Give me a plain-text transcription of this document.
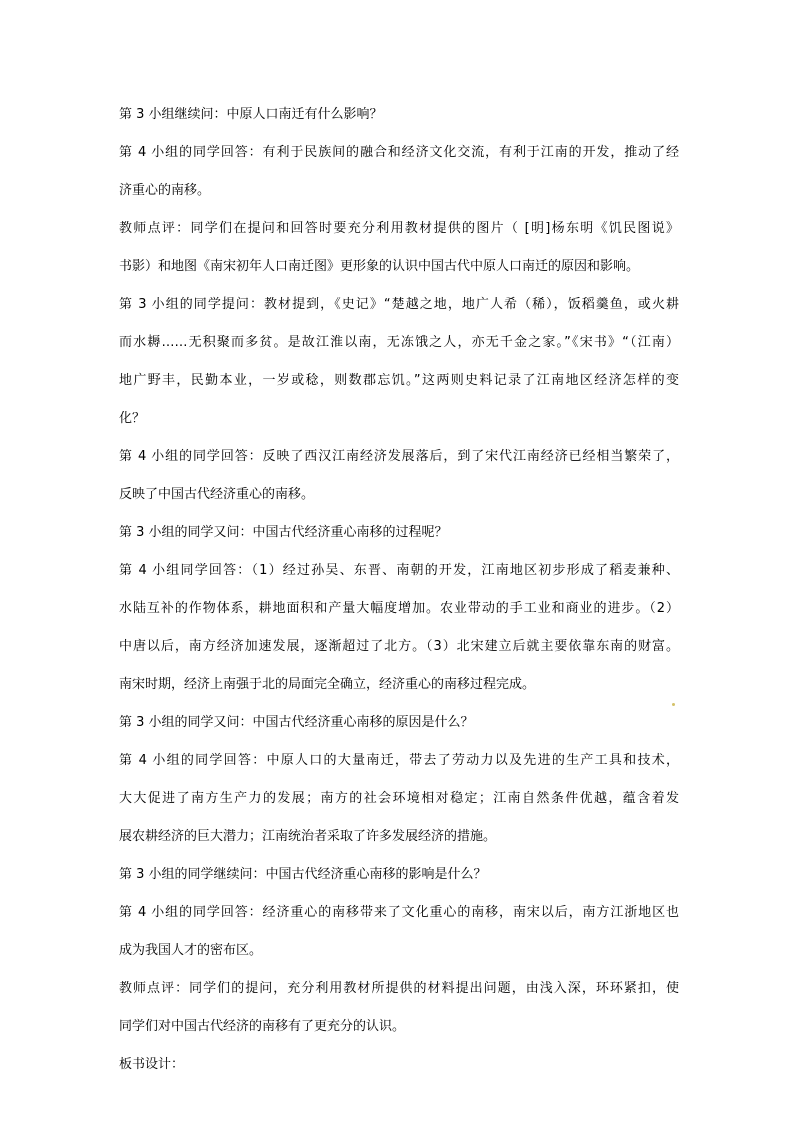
第 3 小组继续问：中原人口南迁有什么影响？
第 4 小组的同学回答：有利于民族间的融合和经济文化交流，有利于江南的开发，推动了经
济重心的南移。
教师点评：同学们在提问和回答时要充分利用教材提供的图片（ [明]杨东明《饥民图说》
书影）和地图《南宋初年人口南迁图》更形象的认识中国古代中原人口南迁的原因和影响。
第 3 小组的同学提问：教材提到，《史记》“楚越之地，地广人希（稀），饭稻羹鱼，或火耕
而水耨……无积聚而多贫。是故江淮以南，无冻饿之人，亦无千金之家。”《宋书》“（江南）
地广野丰，民勤本业，一岁或稔，则数郡忘饥。”这两则史料记录了江南地区经济怎样的变
化？
第 4 小组的同学回答：反映了西汉江南经济发展落后，到了宋代江南经济已经相当繁荣了，
反映了中国古代经济重心的南移。
第 3 小组的同学又问：中国古代经济重心南移的过程呢？
第 4 小组同学回答：（1）经过孙吴、东晋、南朝的开发，江南地区初步形成了稻麦兼种、
水陆互补的作物体系，耕地面积和产量大幅度增加。农业带动的手工业和商业的进步。（2）
中唐以后，南方经济加速发展，逐渐超过了北方。（3）北宋建立后就主要依靠东南的财富。
南宋时期，经济上南强于北的局面完全确立，经济重心的南移过程完成。
第 3 小组的同学又问：中国古代经济重心南移的原因是什么？
第 4 小组的同学回答：中原人口的大量南迁，带去了劳动力以及先进的生产工具和技术，
大大促进了南方生产力的发展；南方的社会环境相对稳定；江南自然条件优越，蕴含着发
展农耕经济的巨大潜力；江南统治者采取了许多发展经济的措施。
第 3 小组的同学继续问：中国古代经济重心南移的影响是什么？
第 4 小组的同学回答：经济重心的南移带来了文化重心的南移，南宋以后，南方江浙地区也
成为我国人才的密布区。
教师点评：同学们的提问，充分利用教材所提供的材料提出问题，由浅入深，环环紧扣，使
同学们对中国古代经济的南移有了更充分的认识。
板书设计：
